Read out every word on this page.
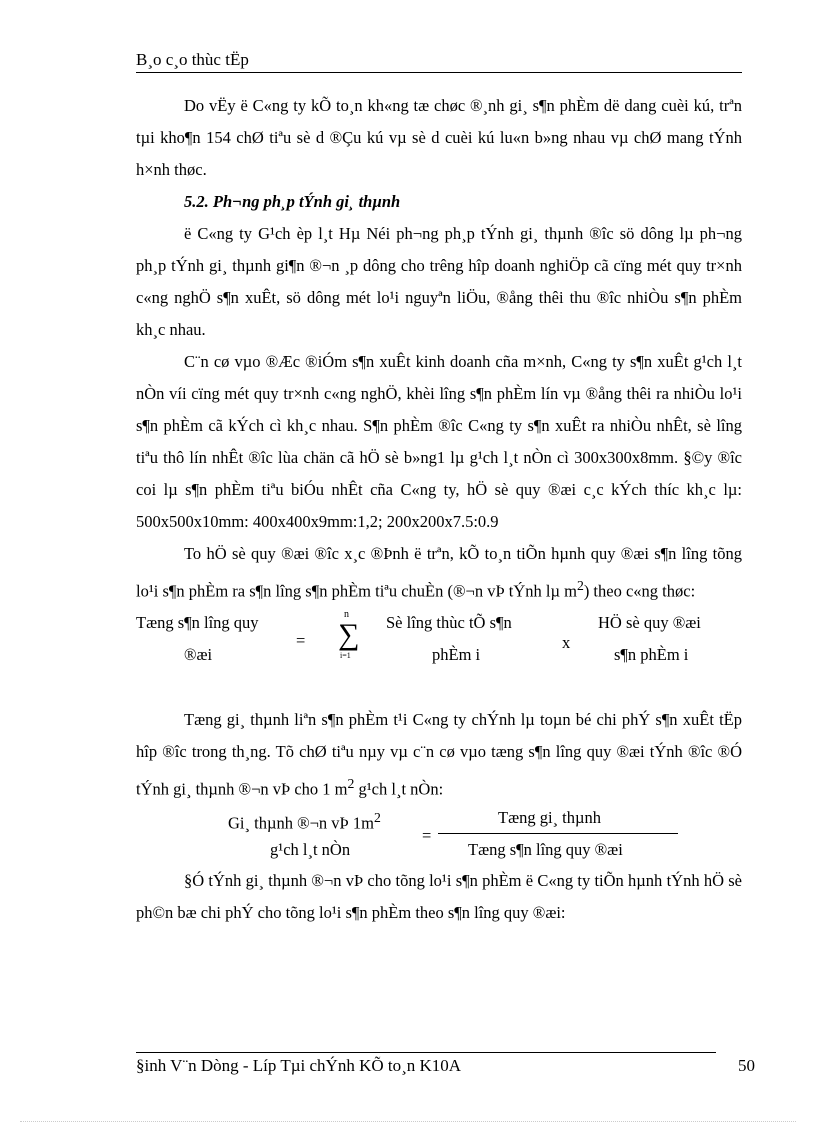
B¸o c¸o thùc tËp

Do vËy ë C«ng ty kÕ to¸n kh«ng tæ chøc ®¸nh gi¸ s¶n phÈm dë dang cuèi kú, trªn tµi kho¶n 154 chØ tiªu sè d ®Çu kú vµ sè d cuèi kú lu«n b»ng nhau vµ chØ mang tÝnh h×nh thøc.

5.2. Ph¬ng ph¸p tÝnh gi¸ thµnh

ë C«ng ty G¹ch èp l¸t Hµ Néi ph¬ng ph¸p tÝnh gi¸ thµnh ®îc sö dông lµ ph¬ng ph¸p tÝnh gi¸ thµnh gi¶n ®¬n ¸p dông cho trêng hîp doanh nghiÖp cã cïng mét quy tr×nh c«ng nghÖ s¶n xuÊt, sö dông mét lo¹i nguyªn liÖu, ®ång thêi thu ®îc nhiÒu s¶n phÈm kh¸c nhau.

C¨n cø vµo ®Æc ®iÓm s¶n xuÊt kinh doanh cña m×nh, C«ng ty s¶n xuÊt g¹ch l¸t nÒn víi cïng mét quy tr×nh c«ng nghÖ, khèi lîng s¶n phÈm lín vµ ®ång thêi ra nhiÒu lo¹i s¶n phÈm cã kÝch cì kh¸c nhau. S¶n phÈm ®îc C«ng ty s¶n xuÊt ra nhiÒu nhÊt, sè lîng tiªu thô lín nhÊt ®îc lùa chän cã hÖ sè b»ng1 lµ g¹ch l¸t nÒn cì 300x300x8mm. §©y ®îc coi lµ s¶n phÈm tiªu biÓu nhÊt cña C«ng ty, hÖ sè quy ®æi c¸c kÝch thíc kh¸c lµ: 500x500x10mm: 400x400x9mm:1,2; 200x200x7.5:0.9

To hÖ sè quy ®æi ®îc x¸c ®Þnh ë trªn, kÕ to¸n tiÕn hµnh quy ®æi s¶n lîng tõng lo¹i s¶n phÈm ra s¶n lîng s¶n phÈm tiªu chuÈn (®¬n vÞ tÝnh lµ $m^2$) theo c«ng thøc:

Tæng s¶n lîng quy
®æi
=
n
∑
i=1
Sè lîng thùc tÕ s¶n
phÈm i
x
HÖ sè quy ®æi
s¶n phÈm i

Tæng gi¸ thµnh liªn s¶n phÈm t¹i C«ng ty chÝnh lµ toµn bé chi phÝ s¶n xuÊt tËp hîp ®îc trong th¸ng. Tõ chØ tiªu nµy vµ c¨n cø vµo tæng s¶n lîng quy ®æi tÝnh ®îc ®Ó tÝnh gi¸ thµnh ®¬n vÞ cho 1 $m^2$ g¹ch l¸t nÒn:

Gi¸ thµnh ®¬n vÞ $1m^2$
g¹ch l¸t nÒn
=
Tæng gi¸ thµnh
Tæng s¶n lîng quy ®æi

§Ó tÝnh gi¸ thµnh ®¬n vÞ cho tõng lo¹i s¶n phÈm ë C«ng ty tiÕn hµnh tÝnh hÖ sè ph©n bæ chi phÝ cho tõng lo¹i s¶n phÈm theo s¶n lîng quy ®æi:

§inh V¨n Dòng - Líp Tµi chÝnh KÕ to¸n K10A	50
